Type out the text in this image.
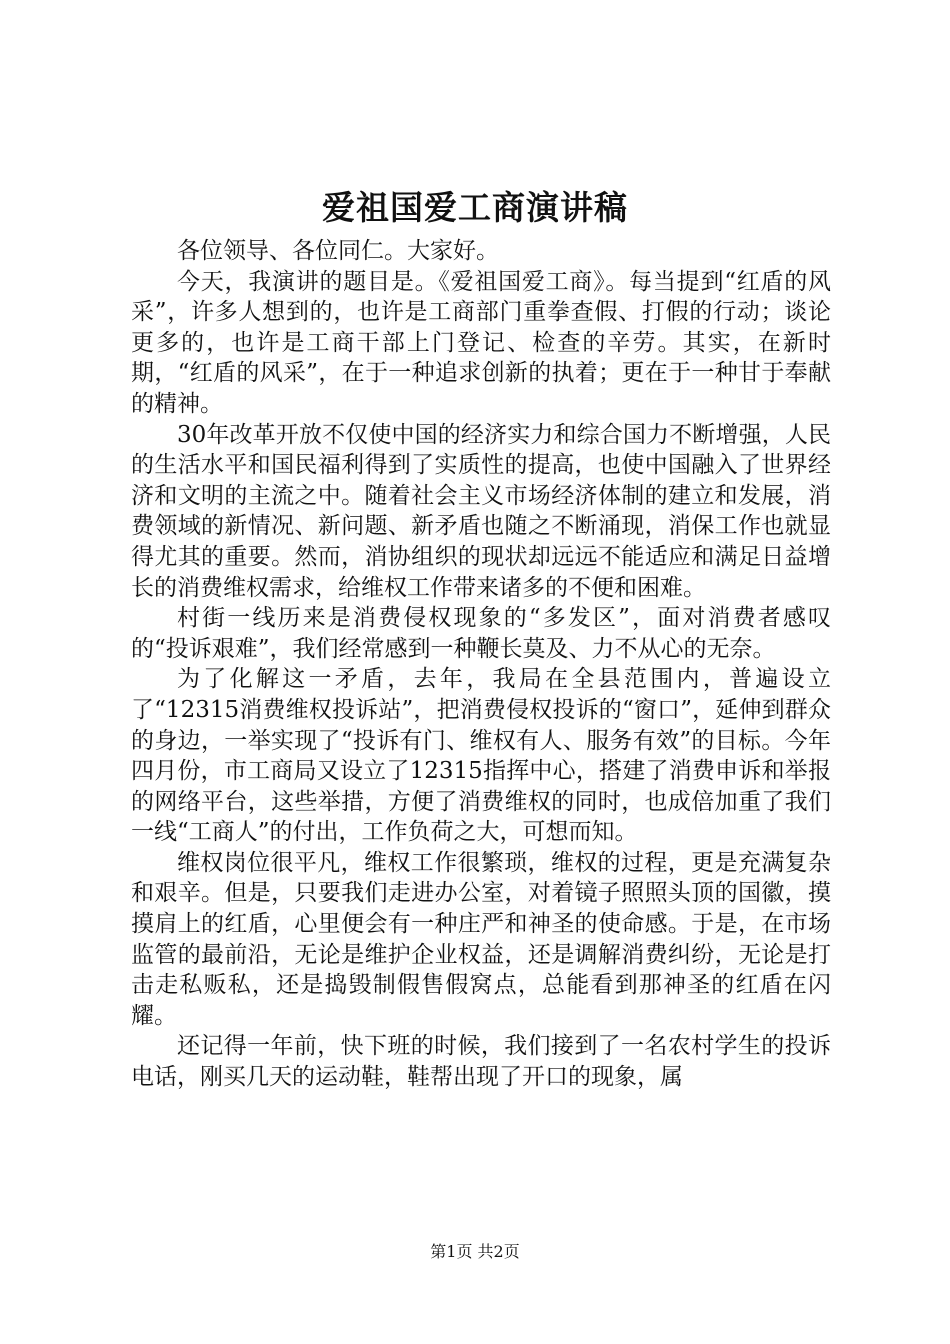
爱祖国爱工商演讲稿

各位领导、各位同仁。大家好。

今天，我演讲的题目是。《爱祖国爱工商》。每当提到“红盾的风采”，许多人想到的，也许是工商部门重拳查假、打假的行动；谈论更多的，也许是工商干部上门登记、检查的辛劳。其实，在新时期，“红盾的风采”，在于一种追求创新的执着；更在于一种甘于奉献的精神。

30年改革开放不仅使中国的经济实力和综合国力不断增强，人民的生活水平和国民福利得到了实质性的提高，也使中国融入了世界经济和文明的主流之中。随着社会主义市场经济体制的建立和发展，消费领域的新情况、新问题、新矛盾也随之不断涌现，消保工作也就显得尤其的重要。然而，消协组织的现状却远远不能适应和满足日益增长的消费维权需求，给维权工作带来诸多的不便和困难。

村街一线历来是消费侵权现象的“多发区”，面对消费者感叹的“投诉艰难”，我们经常感到一种鞭长莫及、力不从心的无奈。

为了化解这一矛盾，去年，我局在全县范围内，普遍设立了“12315消费维权投诉站”，把消费侵权投诉的“窗口”，延伸到群众的身边，一举实现了“投诉有门、维权有人、服务有效”的目标。今年四月份，市工商局又设立了12315指挥中心，搭建了消费申诉和举报的网络平台，这些举措，方便了消费维权的同时，也成倍加重了我们一线“工商人”的付出，工作负荷之大，可想而知。

维权岗位很平凡，维权工作很繁琐，维权的过程，更是充满复杂和艰辛。但是，只要我们走进办公室，对着镜子照照头顶的国徽，摸摸肩上的红盾，心里便会有一种庄严和神圣的使命感。于是，在市场监管的最前沿，无论是维护企业权益，还是调解消费纠纷，无论是打击走私贩私，还是捣毁制假售假窝点，总能看到那神圣的红盾在闪耀。

还记得一年前，快下班的时候，我们接到了一名农村学生的投诉电话，刚买几天的运动鞋，鞋帮出现了开口的现象，属

第1页 共2页
